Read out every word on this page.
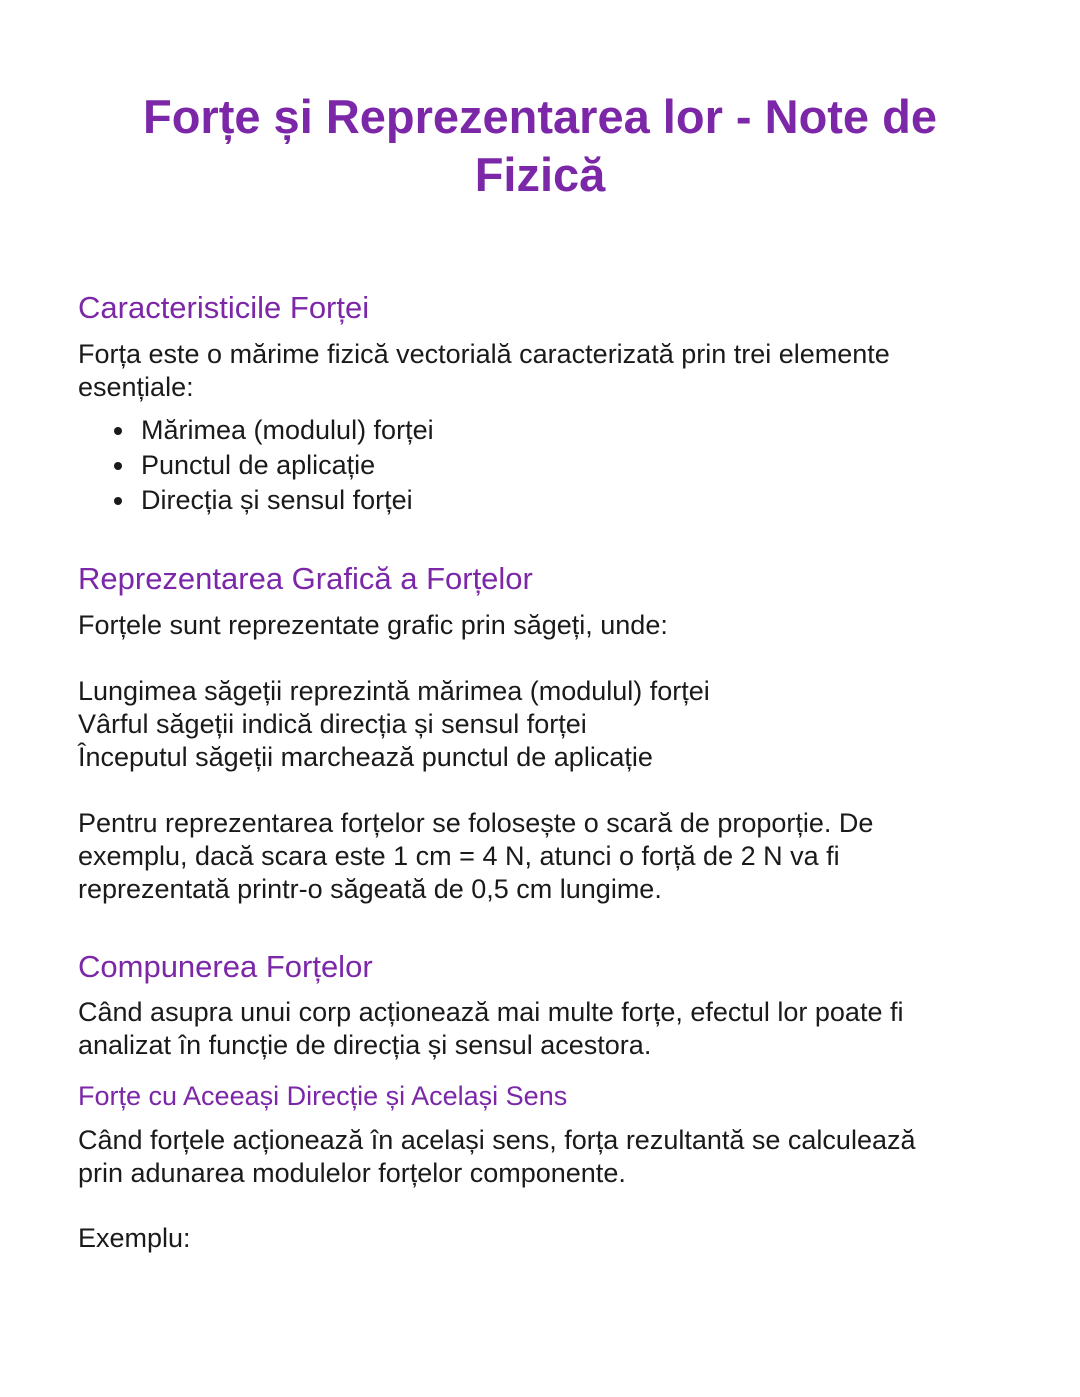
Forțe și Reprezentarea lor - Note de Fizică
Caracteristicile Forței

Forța este o mărime fizică vectorială caracterizată prin trei elemente
esențiale:

Mărimea (modulul) forței
Punctul de aplicație
Direcția și sensul forței
Reprezentarea Grafică a Forțelor

Forțele sunt reprezentate grafic prin săgeți, unde:

Lungimea săgeții reprezintă mărimea (modulul) forței
Vârful săgeții indică direcția și sensul forței
Începutul săgeții marchează punctul de aplicație

Pentru reprezentarea forțelor se folosește o scară de proporție. De
exemplu, dacă scara este 1 cm = 4 N, atunci o forță de 2 N va fi
reprezentată printr-o săgeată de 0,5 cm lungime.

Compunerea Forțelor

Când asupra unui corp acționează mai multe forțe, efectul lor poate fi
analizat în funcție de direcția și sensul acestora.

Forțe cu Aceeași Direcție și Același Sens

Când forțele acționează în același sens, forța rezultantă se calculează
prin adunarea modulelor forțelor componente.

Exemplu:
